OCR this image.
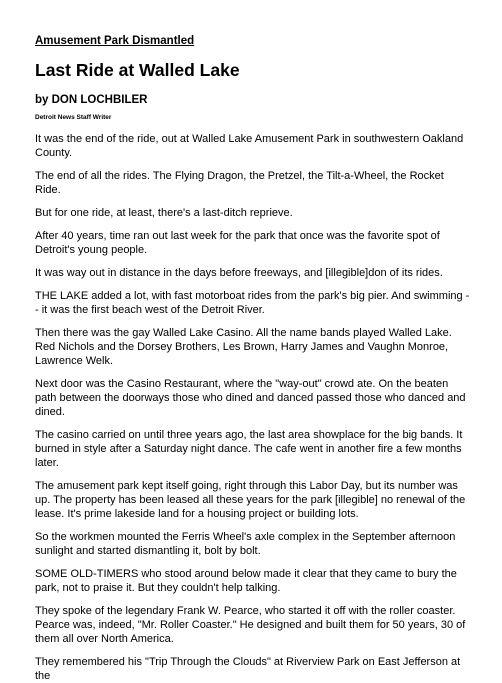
Amusement Park Dismantled
Last Ride at Walled Lake
by DON LOCHBILER
Detroit News Staff Writer

It was the end of the ride, out at Walled Lake Amusement Park in southwestern Oakland County.

The end of all the rides. The Flying Dragon, the Pretzel, the Tilt-a-Wheel, the Rocket Ride.

But for one ride, at least, there's a last-ditch reprieve.

After 40 years, time ran out last week for the park that once was the favorite spot of Detroit's young people.

It was way out in distance in the days before freeways, and [illegible]don of its rides.

THE LAKE added a lot, with fast motorboat rides from the park's big pier. And swimming -- it was the first beach west of the Detroit River.

Then there was the gay Walled Lake Casino. All the name bands played Walled Lake. Red Nichols and the Dorsey Brothers, Les Brown, Harry James and Vaughn Monroe, Lawrence Welk.

Next door was the Casino Restaurant, where the "way-out" crowd ate. On the beaten path between the doorways those who dined and danced passed those who danced and dined.

The casino carried on until three years ago, the last area showplace for the big bands. It burned in style after a Saturday night dance. The cafe went in another fire a few months later.

The amusement park kept itself going, right through this Labor Day, but its number was up. The property has been leased all these years for the park [illegible] no renewal of the lease. It's prime lakeside land for a housing project or building lots.

So the workmen mounted the Ferris Wheel's axle complex in the September afternoon sunlight and started dismantling it, bolt by bolt.

SOME OLD-TIMERS who stood around below made it clear that they came to bury the park, not to praise it. But they couldn't help talking.

They spoke of the legendary Frank W. Pearce, who started it off with the roller coaster. Pearce was, indeed, "Mr. Roller Coaster." He designed and built them for 50 years, 30 of them all over North America.

They remembered his "Trip Through the Clouds" at Riverview Park on East Jefferson at the
